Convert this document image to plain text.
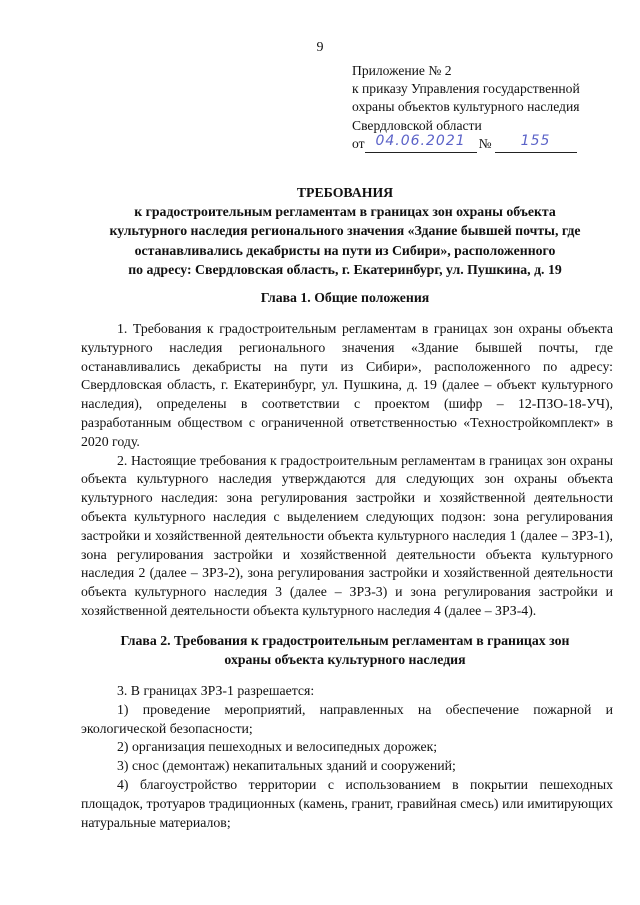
9
Приложение № 2
к приказу Управления государственной
охраны объектов культурного наследия
Свердловской области
от 04.06.2021 №	155
ТРЕБОВАНИЯ
к градостроительным регламентам в границах зон охраны объекта
культурного наследия регионального значения «Здание бывшей почты, где
останавливались декабристы на пути из Сибири», расположенного
по адресу: Свердловская область, г. Екатеринбург, ул. Пушкина, д. 19
Глава 1. Общие положения

1. Требования к градостроительным регламентам в границах зон охраны объекта культурного наследия регионального значения «Здание бывшей почты, где останавливались декабристы на пути из Сибири», расположенного по адресу: Свердловская область, г. Екатеринбург, ул. Пушкина, д. 19 (далее – объект культурного наследия), определены в соответствии с проектом (шифр – 12-ПЗО-18-УЧ), разработанным обществом с ограниченной ответственностью «Техностройкомплект» в 2020 году.

2. Настоящие требования к градостроительным регламентам в границах зон охраны объекта культурного наследия утверждаются для следующих зон охраны объекта культурного наследия: зона регулирования застройки и хозяйственной деятельности объекта культурного наследия с выделением следующих подзон: зона регулирования застройки и хозяйственной деятельности объекта культурного наследия 1 (далее – ЗРЗ-1), зона регулирования застройки и хозяйственной деятельности объекта культурного наследия 2 (далее – ЗРЗ-2), зона регулирования застройки и хозяйственной деятельности объекта культурного наследия 3 (далее – ЗРЗ-3) и зона регулирования застройки и хозяйственной деятельности объекта культурного наследия 4 (далее – ЗРЗ-4).

Глава 2. Требования к градостроительным регламентам в границах зон
охраны объекта культурного наследия

3. В границах ЗРЗ-1 разрешается:

1) проведение мероприятий, направленных на обеспечение пожарной и экологической безопасности;

2) организация пешеходных и велосипедных дорожек;

3) снос (демонтаж) некапитальных зданий и сооружений;

4) благоустройство территории с использованием в покрытии пешеходных площадок, тротуаров традиционных (камень, гранит, гравийная смесь) или имитирующих натуральные материалов;
